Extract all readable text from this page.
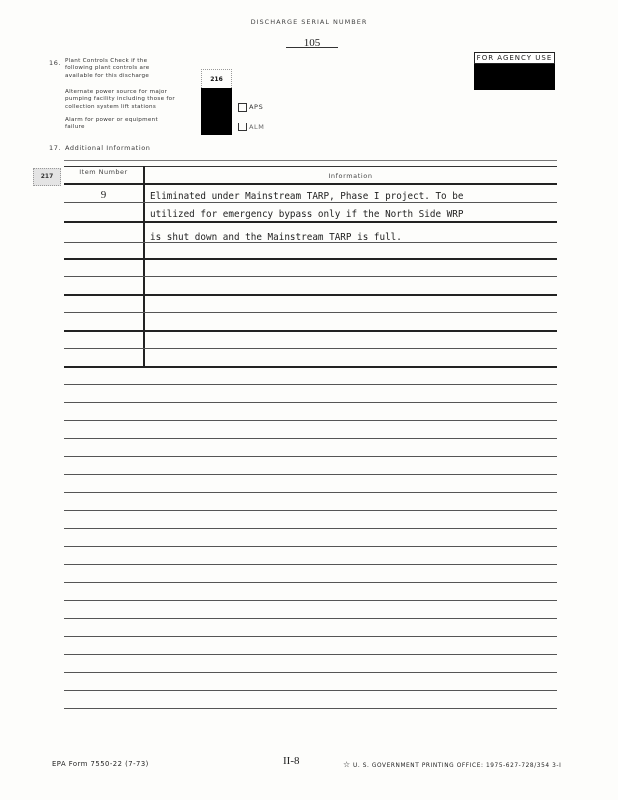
DISCHARGE SERIAL NUMBER
105
FOR AGENCY USE
16. Plant Controls Check if the following plant controls are available for this discharge
Alternate power source for major pumping facility including those for collection system lift stations
Alarm for power or equipment failure
216
APS
ALM
17. Additional Information
217
Item Number	Information
9	Eliminated under Mainstream TARP, Phase I project. To be
utilized for emergency bypass only if the North Side WRP
is shut down and the Mainstream TARP is full.
EPA Form 7550-22 (7-73)	II-8	☆ U. S. GOVERNMENT PRINTING OFFICE: 1975-627-728/354 3-I
